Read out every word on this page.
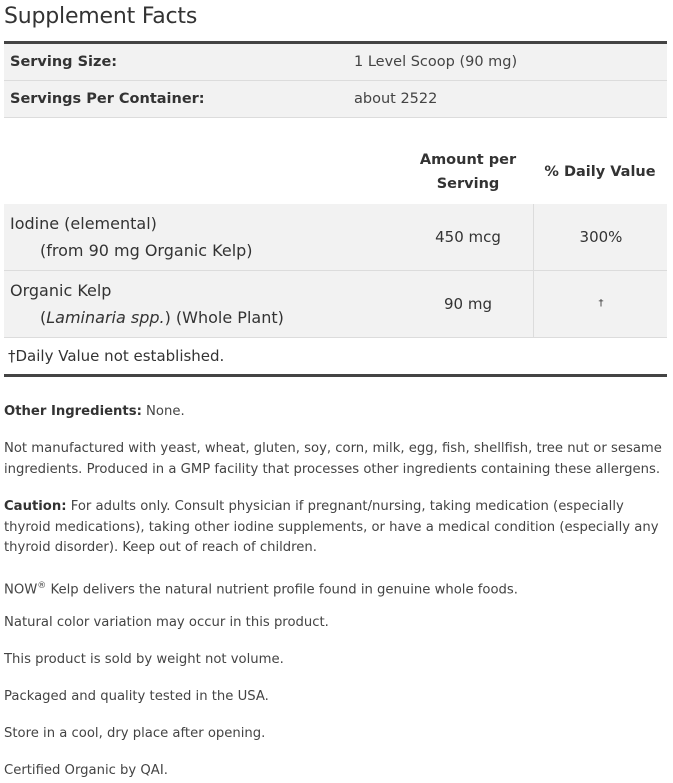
Supplement Facts
Serving Size:	1 Level Scoop (90 mg)
Servings Per Container:	about 2522
Amount per
Serving
% Daily Value
Iodine (elemental)
(from 90 mg Organic Kelp)
450 mcg	300%
Organic Kelp
(Laminaria spp.) (Whole Plant)
90 mg	†
†Daily Value not established.

Other Ingredients: None.

Not manufactured with yeast, wheat, gluten, soy, corn, milk, egg, fish, shellfish, tree nut or sesame ingredients. Produced in a GMP facility that processes other ingredients containing these allergens.

Caution: For adults only. Consult physician if pregnant/nursing, taking medication (especially thyroid medications), taking other iodine supplements, or have a medical condition (especially any thyroid disorder). Keep out of reach of children.

NOW® Kelp delivers the natural nutrient profile found in genuine whole foods.

Natural color variation may occur in this product.

This product is sold by weight not volume.

Packaged and quality tested in the USA.

Store in a cool, dry place after opening.

Certified Organic by QAI.
